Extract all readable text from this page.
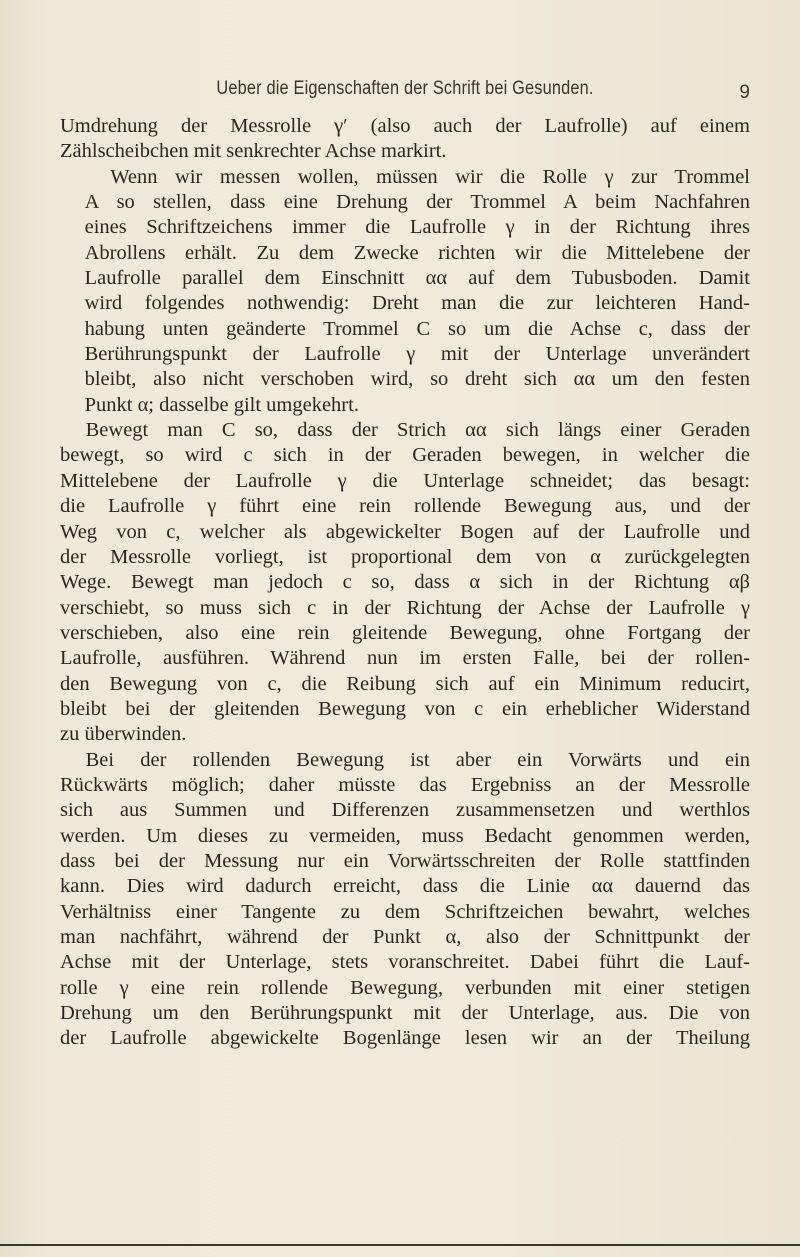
Ueber die Eigenschaften der Schrift bei Gesunden.	9

Umdrehung der Messrolle γ′ (also auch der Laufrolle) auf einem
Zählscheibchen mit senkrechter Achse markirt.

Wenn wir messen wollen, müssen wir die Rolle γ zur Trommel
A so stellen, dass eine Drehung der Trommel A beim Nachfahren
eines Schriftzeichens immer die Laufrolle γ in der Richtung ihres
Abrollens erhält. Zu dem Zwecke richten wir die Mittelebene der
Laufrolle parallel dem Einschnitt αα auf dem Tubusboden. Damit
wird folgendes nothwendig: Dreht man die zur leichteren Hand-
habung unten geänderte Trommel C so um die Achse c, dass der
Berührungspunkt der Laufrolle γ mit der Unterlage unverändert
bleibt, also nicht verschoben wird, so dreht sich αα um den festen
Punkt α; dasselbe gilt umgekehrt.

Bewegt man C so, dass der Strich αα sich längs einer Geraden
bewegt, so wird c sich in der Geraden bewegen, in welcher die
Mittelebene der Laufrolle γ die Unterlage schneidet; das besagt:
die Laufrolle γ führt eine rein rollende Bewegung aus, und der
Weg von c, welcher als abgewickelter Bogen auf der Laufrolle und
der Messrolle vorliegt, ist proportional dem von α zurückgelegten
Wege. Bewegt man jedoch c so, dass α sich in der Richtung αβ
verschiebt, so muss sich c in der Richtung der Achse der Laufrolle γ
verschieben, also eine rein gleitende Bewegung, ohne Fortgang der
Laufrolle, ausführen. Während nun im ersten Falle, bei der rollen-
den Bewegung von c, die Reibung sich auf ein Minimum reducirt,
bleibt bei der gleitenden Bewegung von c ein erheblicher Widerstand
zu überwinden.

Bei der rollenden Bewegung ist aber ein Vorwärts und ein
Rückwärts möglich; daher müsste das Ergebniss an der Messrolle
sich aus Summen und Differenzen zusammensetzen und werthlos
werden. Um dieses zu vermeiden, muss Bedacht genommen werden,
dass bei der Messung nur ein Vorwärtsschreiten der Rolle stattfinden
kann. Dies wird dadurch erreicht, dass die Linie αα dauernd das
Verhältniss einer Tangente zu dem Schriftzeichen bewahrt, welches
man nachfährt, während der Punkt α, also der Schnittpunkt der
Achse mit der Unterlage, stets voranschreitet. Dabei führt die Lauf-
rolle γ eine rein rollende Bewegung, verbunden mit einer stetigen
Drehung um den Berührungspunkt mit der Unterlage, aus. Die von
der Laufrolle abgewickelte Bogenlänge lesen wir an der Theilung
